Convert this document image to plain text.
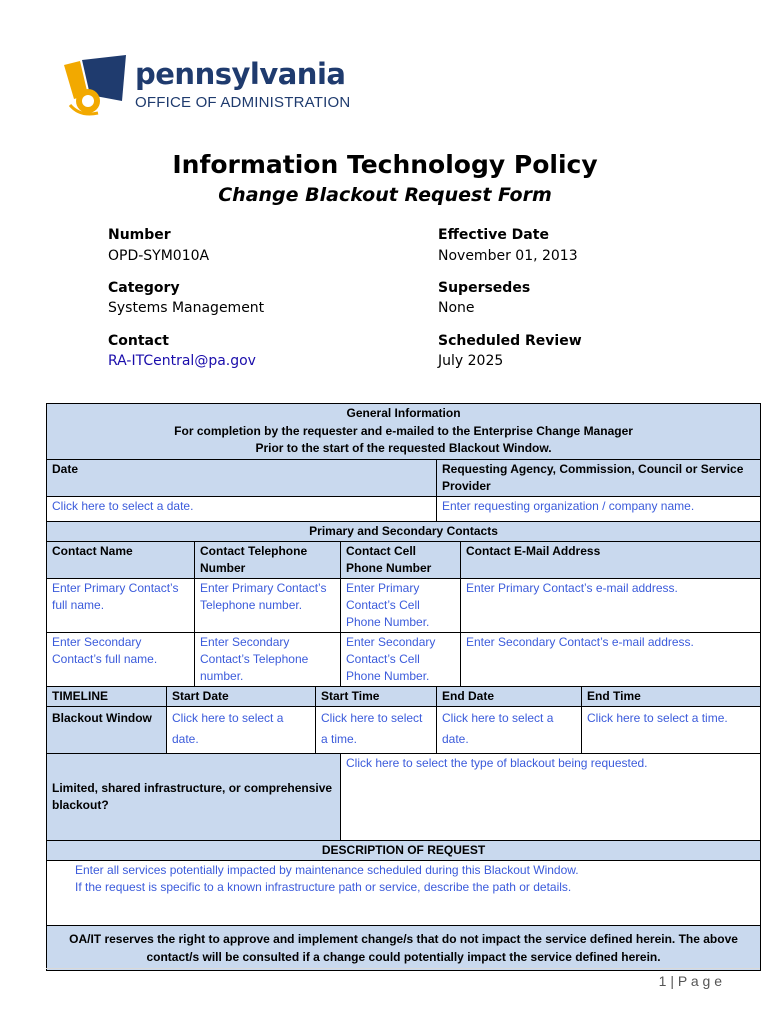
pennsylvania
OFFICE OF ADMINISTRATION
Information Technology Policy
Change Blackout Request Form
Number
OPD-SYM010A
Effective Date
November 01, 2013
Category
Systems Management
Supersedes
None
Contact
RA-ITCentral@pa.gov
Scheduled Review
July 2025
General Information
For completion by the requester and e-mailed to the Enterprise Change Manager
Prior to the start of the requested Blackout Window.							

Date					Requesting Agency, Commission, Council or Service Provider		
Click here to select a date.					Enter requesting organization / company name.		
Primary and Secondary Contacts							
Contact Name		Contact Telephone Number		Contact Cell Phone Number		Contact E-Mail Address	
Enter Primary Contact’s full name.		Enter Primary Contact’s Telephone number.		Enter Primary Contact’s Cell Phone Number.		Enter Primary Contact’s e-mail address.	
Enter Secondary Contact’s full name.		Enter Secondary Contact’s Telephone number.		Enter Secondary Contact’s Cell Phone Number.		Enter Secondary Contact’s e-mail address.	
TIMELINE	Start Date		Start Time		End Date		End Time
Blackout Window	Click here to select a date.		Click here to select a time.		Click here to select a date.		Click here to select a time.
Limited, shared infrastructure, or comprehensive blackout?				Click here to select the type of blackout being requested.			
DESCRIPTION OF REQUEST							

Enter all services potentially impacted by maintenance scheduled during this Blackout Window.
If the request is specific to a known infrastructure path or service, describe the path or details.							

OA/IT reserves the right to approve and implement change/s that do not impact the service defined herein. The above contact/s will be consulted if a change could potentially impact the service defined herein.							
1 | P a g e
